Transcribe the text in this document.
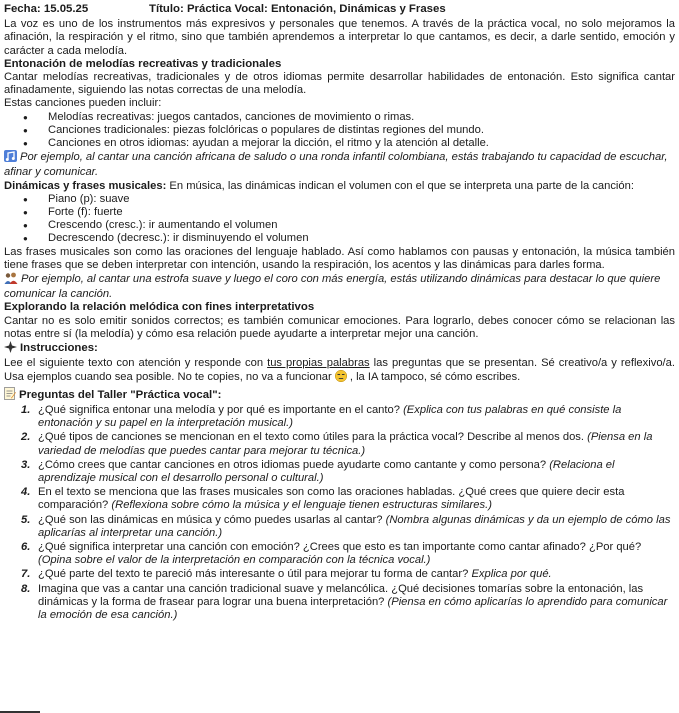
Fecha: 15.05.25	Título: Práctica Vocal: Entonación, Dinámicas y Frases

La voz es uno de los instrumentos más expresivos y personales que tenemos. A través de la práctica vocal, no solo mejoramos la afinación, la respiración y el ritmo, sino que también aprendemos a interpretar lo que cantamos, es decir, a darle sentido, emoción y carácter a cada melodía.

Entonación de melodías recreativas y tradicionales

Cantar melodías recreativas, tradicionales y de otros idiomas permite desarrollar habilidades de entonación. Esto significa cantar afinadamente, siguiendo las notas correctas de una melodía.

Estas canciones pueden incluir:

● Melodías recreativas: juegos cantados, canciones de movimiento o rimas.
● Canciones tradicionales: piezas folclóricas o populares de distintas regiones del mundo.
● Canciones en otros idiomas: ayudan a mejorar la dicción, el ritmo y la atención al detalle.

Por ejemplo, al cantar una canción africana de saludo o una ronda infantil colombiana, estás trabajando tu capacidad de escuchar, afinar y comunicar.

Dinámicas y frases musicales: En música, las dinámicas indican el volumen con el que se interpreta una parte de la canción:

● Piano (p): suave
● Forte (f): fuerte
● Crescendo (cresc.): ir aumentando el volumen
● Decrescendo (decresc.): ir disminuyendo el volumen

Las frases musicales son como las oraciones del lenguaje hablado. Así como hablamos con pausas y entonación, la música también tiene frases que se deben interpretar con intención, usando la respiración, los acentos y las dinámicas para darles forma.

Por ejemplo, al cantar una estrofa suave y luego el coro con más energía, estás utilizando dinámicas para destacar lo que quiere comunicar la canción.

Explorando la relación melódica con fines interpretativos

Cantar no es solo emitir sonidos correctos; es también comunicar emociones. Para lograrlo, debes conocer cómo se relacionan las notas entre sí (la melodía) y cómo esa relación puede ayudarte a interpretar mejor una canción.

Instrucciones:

Lee el siguiente texto con atención y responde con tus propias palabras las preguntas que se presentan. Sé creativo/a y reflexivo/a. Usa ejemplos cuando sea posible. No te copies, no va a funcionar , la IA tampoco, sé cómo escribes.

Preguntas del Taller "Práctica vocal":

1. ¿Qué significa entonar una melodía y por qué es importante en el canto? (Explica con tus palabras en qué consiste la entonación y su papel en la interpretación musical.)
2. ¿Qué tipos de canciones se mencionan en el texto como útiles para la práctica vocal? Describe al menos dos. (Piensa en la variedad de melodías que puedes cantar para mejorar tu técnica.)
3. ¿Cómo crees que cantar canciones en otros idiomas puede ayudarte como cantante y como persona? (Relaciona el aprendizaje musical con el desarrollo personal o cultural.)
4. En el texto se menciona que las frases musicales son como las oraciones habladas. ¿Qué crees que quiere decir esta comparación? (Reflexiona sobre cómo la música y el lenguaje tienen estructuras similares.)
5. ¿Qué son las dinámicas en música y cómo puedes usarlas al cantar? (Nombra algunas dinámicas y da un ejemplo de cómo las aplicarías al interpretar una canción.)
6. ¿Qué significa interpretar una canción con emoción? ¿Crees que esto es tan importante como cantar afinado? ¿Por qué? (Opina sobre el valor de la interpretación en comparación con la técnica vocal.)
7. ¿Qué parte del texto te pareció más interesante o útil para mejorar tu forma de cantar? Explica por qué.
8. Imagina que vas a cantar una canción tradicional suave y melancólica. ¿Qué decisiones tomarías sobre la entonación, las dinámicas y la forma de frasear para lograr una buena interpretación? (Piensa en cómo aplicarías lo aprendido para comunicar la emoción de esa canción.)
